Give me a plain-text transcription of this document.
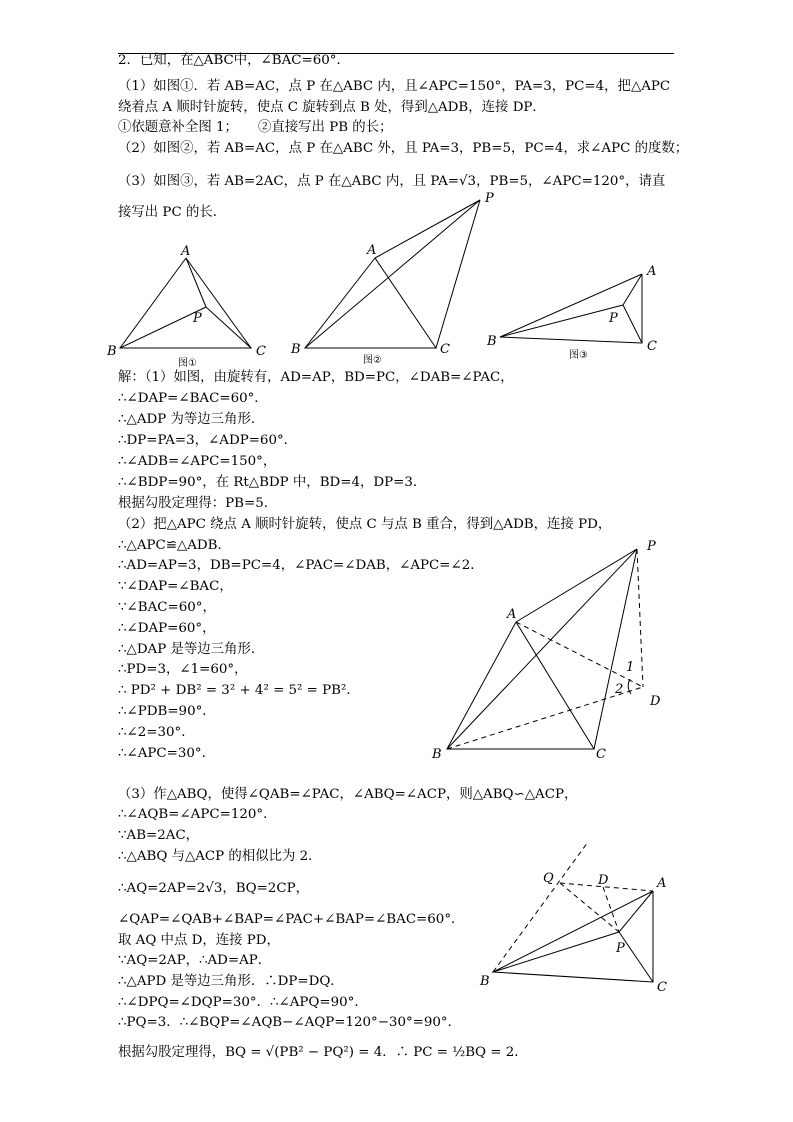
2．已知，在△ABC中，∠BAC=60°．
（1）如图①．若 AB=AC，点 P 在△ABC 内，且∠APC=150°，PA=3，PC=4，把△APC
绕着点 A 顺时针旋转，使点 C 旋转到点 B 处，得到△ADB，连接 DP．
①依题意补全图 1；　　②直接写出 PB 的长；
（2）如图②，若 AB=AC，点 P 在△ABC 外，且 PA=3，PB=5，PC=4，求∠APC 的度数；
（3）如图③，若 AB=2AC，点 P 在△ABC 内，且 PA=√3，PB=5，∠APC=120°，请直
接写出 PC 的长．
解：（1）如图，由旋转有，AD=AP，BD=PC，∠DAB=∠PAC，
∴∠DAP=∠BAC=60°．
∴△ADP 为等边三角形．
∴DP=PA=3，∠ADP=60°．
∴∠ADB=∠APC=150°，
∴∠BDP=90°，在 Rt△BDP 中，BD=4，DP=3．
根据勾股定理得：PB=5．
（2）把△APC 绕点 A 顺时针旋转，使点 C 与点 B 重合，得到△ADB，连接 PD，
∴△APC≌△ADB．
∴AD=AP=3，DB=PC=4，∠PAC=∠DAB，∠APC=∠2．
∵∠DAP=∠BAC，
∵∠BAC=60°，
∴∠DAP=60°，
∴△DAP 是等边三角形．
∴PD=3，∠1=60°，
∴ PD² + DB² = 3² + 4² = 5² = PB²．
∴∠PDB=90°．
∴∠2=30°．
∴∠APC=30°．
（3）作△ABQ，使得∠QAB=∠PAC，∠ABQ=∠ACP，则△ABQ∽△ACP，
∴∠AQB=∠APC=120°．
∵AB=2AC，
∴△ABQ 与△ACP 的相似比为 2．
∴AQ=2AP=2√3，BQ=2CP，
∠QAP=∠QAB+∠BAP=∠PAC+∠BAP=∠BAC=60°．
取 AQ 中点 D，连接 PD，
∵AQ=2AP，∴AD=AP．
∴△APD 是等边三角形．∴DP=DQ．
∴∠DPQ=∠DQP=30°．∴∠APQ=90°．
∴PQ=3．∴∠BQP=∠AQB−∠AQP=120°−30°=90°．
根据勾股定理得，BQ = √(PB² − PQ²) = 4．∴ PC = ½BQ = 2．
A
B	C
P
图①
A
B	C
P
图②
A
B	C
P
图③
A
B	C
P
D
1
2
A
B	C
P
D
Q
